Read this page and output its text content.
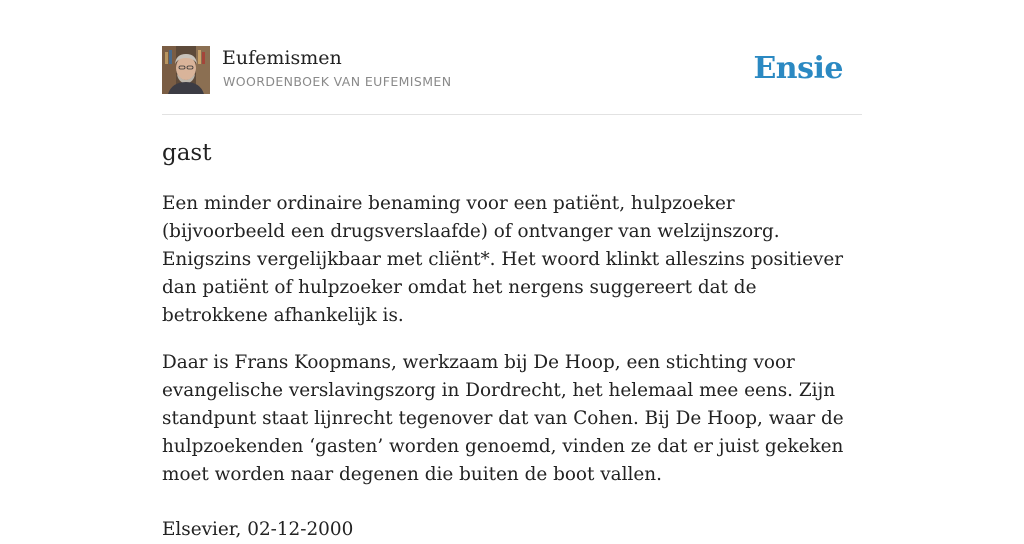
Eufemismen
WOORDENBOEK VAN EUFEMISMEN	Ensie
gast

Een minder ordinaire benaming voor een patiënt, hulpzoeker (bijvoorbeeld een drugsverslaafde) of ontvanger van welzijnszorg. Enigszins vergelijkbaar met cliënt*. Het woord klinkt alleszins positiever dan patiënt of hulpzoeker omdat het nergens suggereert dat de betrokkene afhankelijk is.

Daar is Frans Koopmans, werkzaam bij De Hoop, een stichting voor evangelische verslavingszorg in Dordrecht, het helemaal mee eens. Zijn standpunt staat lijnrecht tegenover dat van Cohen. Bij De Hoop, waar de hulpzoekenden ‘gasten’ worden genoemd, vinden ze dat er juist gekeken moet worden naar degenen die buiten de boot vallen.

Elsevier, 02-12-2000
